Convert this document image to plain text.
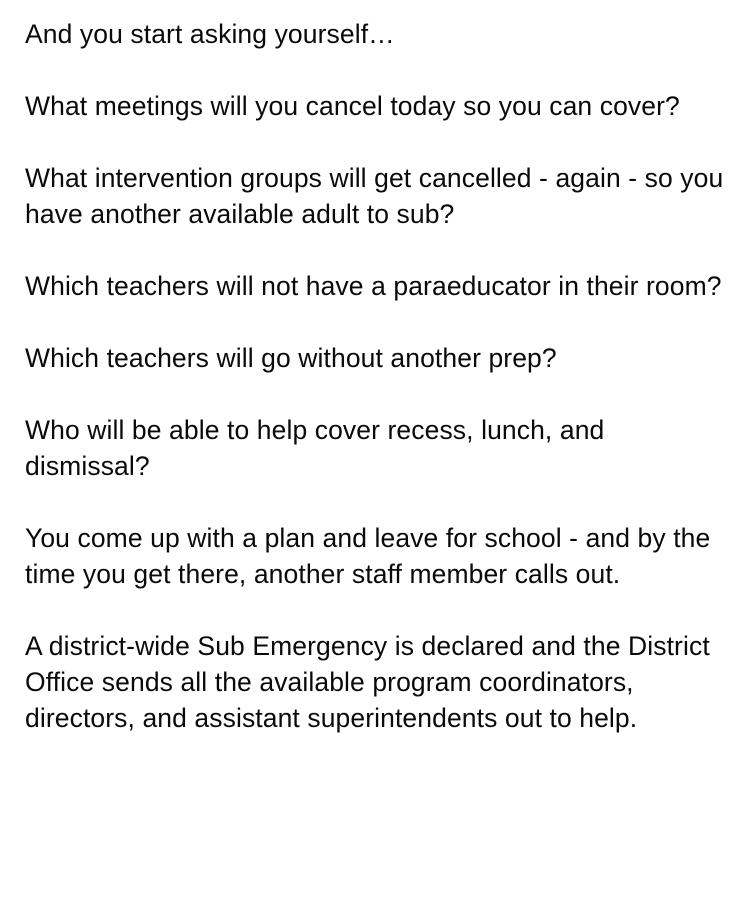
And you start asking yourself…

What meetings will you cancel today so you can cover?

What intervention groups will get cancelled - again - so you have another available adult to sub?

Which teachers will not have a paraeducator in their room?

Which teachers will go without another prep?

Who will be able to help cover recess, lunch, and dismissal?

You come up with a plan and leave for school - and by the time you get there, another staff member calls out.

A district-wide Sub Emergency is declared and the District Office sends all the available program coordinators, directors, and assistant superintendents out to help.
